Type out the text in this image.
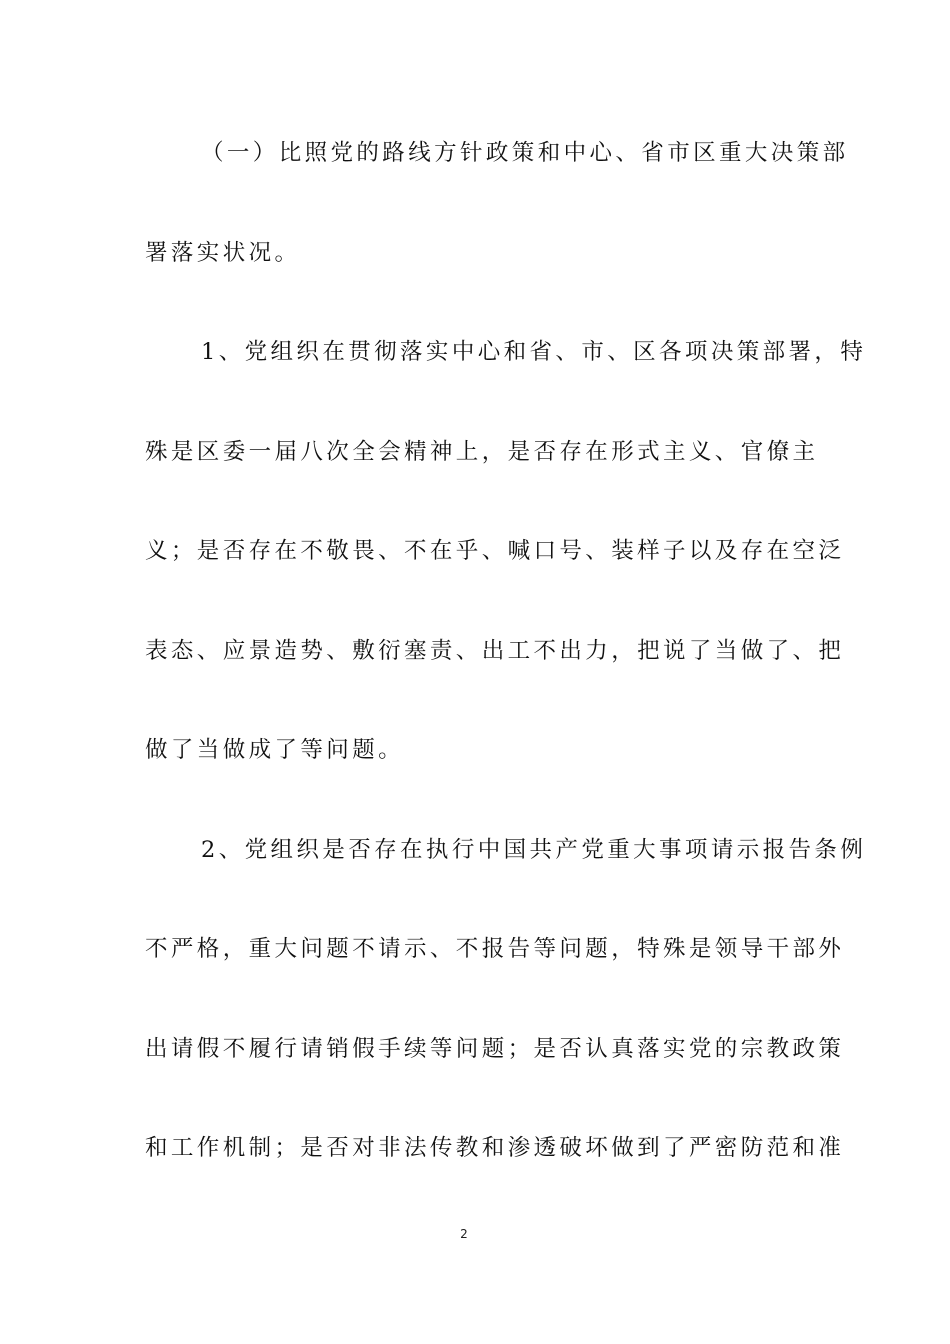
（一）比照党的路线方针政策和中心、省市区重大决策部
署落实状况。
1、党组织在贯彻落实中心和省、市、区各项决策部署，特
殊是区委一届八次全会精神上，是否存在形式主义、官僚主
义；是否存在不敬畏、不在乎、喊口号、装样子以及存在空泛
表态、应景造势、敷衍塞责、出工不出力，把说了当做了、把
做了当做成了等问题。
2、党组织是否存在执行中国共产党重大事项请示报告条例
不严格，重大问题不请示、不报告等问题，特殊是领导干部外
出请假不履行请销假手续等问题；是否认真落实党的宗教政策
和工作机制；是否对非法传教和渗透破坏做到了严密防范和准
2
